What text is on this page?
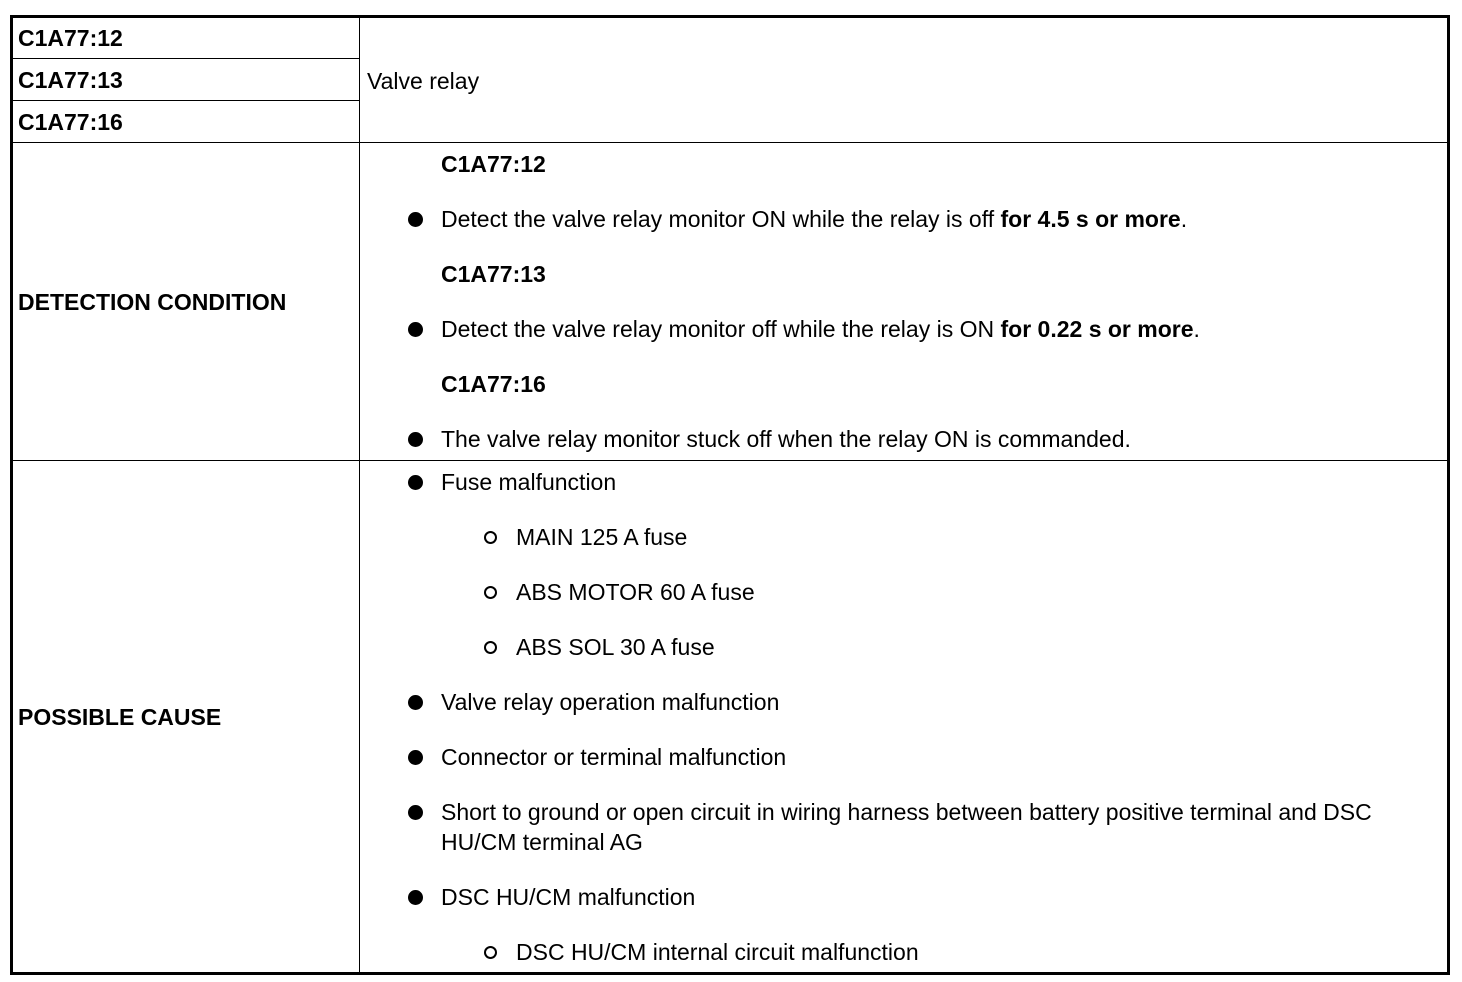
C1A77:12
C1A77:13
C1A77:16
Valve relay
DETECTION CONDITION
C1A77:12
Detect the valve relay monitor ON while the relay is off for 4.5 s or more.
C1A77:13
Detect the valve relay monitor off while the relay is ON for 0.22 s or more.
C1A77:16
The valve relay monitor stuck off when the relay ON is commanded.
POSSIBLE CAUSE
Fuse malfunction
MAIN 125 A fuse
ABS MOTOR 60 A fuse
ABS SOL 30 A fuse
Valve relay operation malfunction
Connector or terminal malfunction
Short to ground or open circuit in wiring harness between battery positive terminal and DSC HU/CM terminal AG
DSC HU/CM malfunction
DSC HU/CM internal circuit malfunction
